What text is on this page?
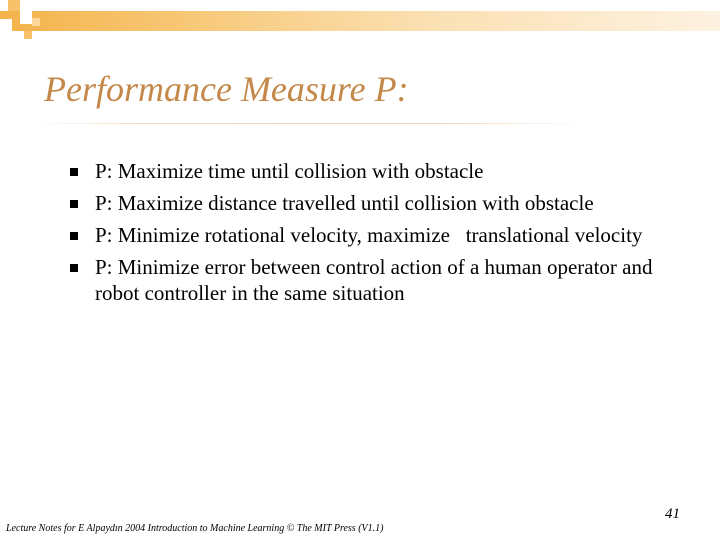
Performance Measure P:
P: Maximize time until collision with obstacle
P: Maximize distance travelled until collision with obstacle
P: Minimize rotational velocity, maximize   translational velocity
P: Minimize error between control action of a human operator and robot controller in the same situation
41
Lecture Notes for E Alpaydın 2004 Introduction to Machine Learning © The MIT Press (V1.1)
